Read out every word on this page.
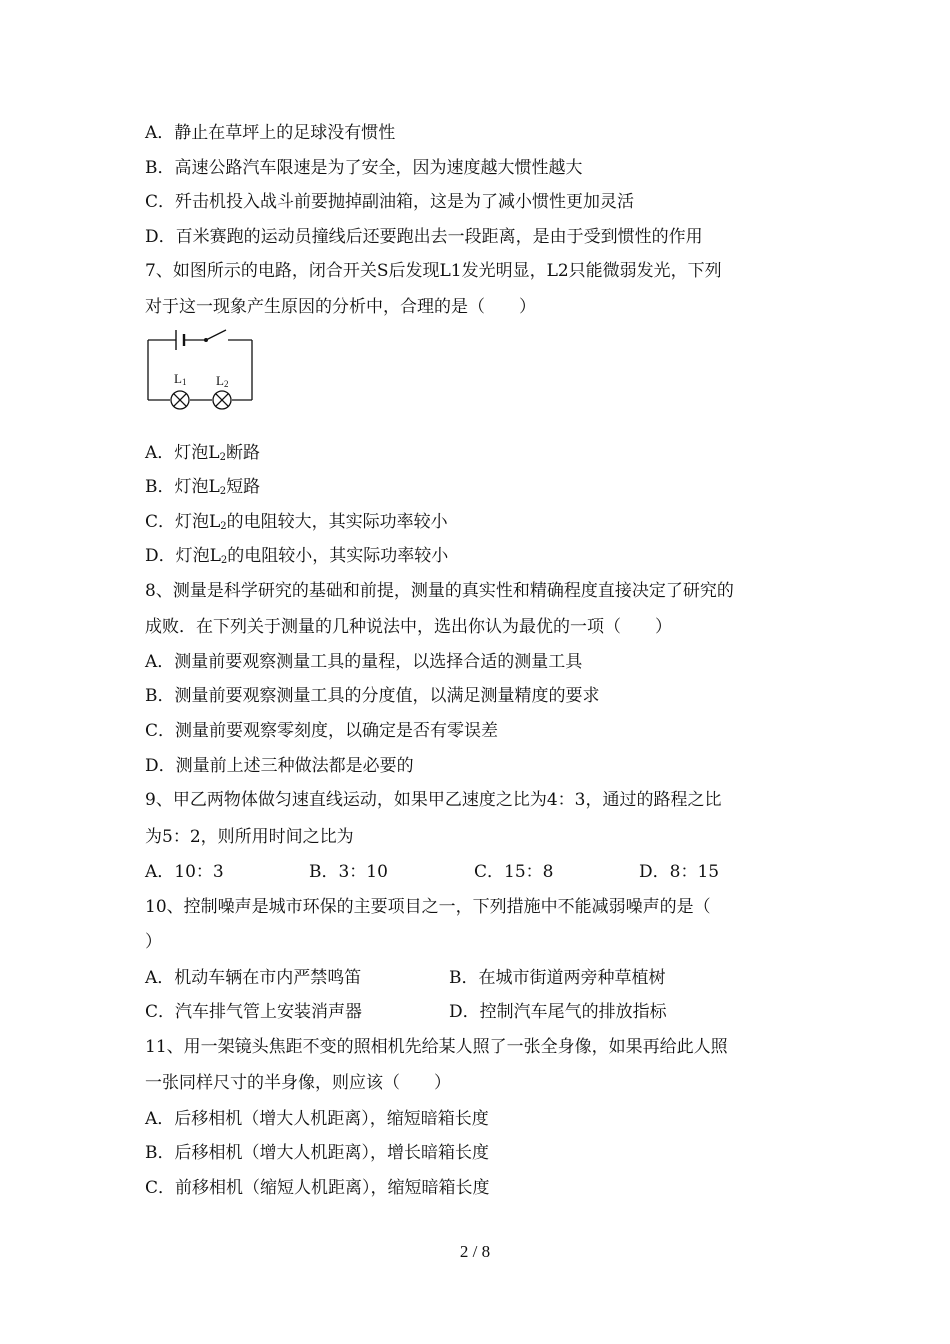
A．静止在草坪上的足球没有惯性
B．高速公路汽车限速是为了安全，因为速度越大惯性越大
C．歼击机投入战斗前要抛掉副油箱，这是为了减小惯性更加灵活
D．百米赛跑的运动员撞线后还要跑出去一段距离，是由于受到惯性的作用
7、如图所示的电路，闭合开关S后发现L1发光明显，L2只能微弱发光，下列
对于这一现象产生原因的分析中，合理的是（　　）
L1 L2
A．灯泡$L_2$断路
B．灯泡$L_2$短路
C．灯泡$L_2$的电阻较大，其实际功率较小
D．灯泡$L_2$的电阻较小，其实际功率较小
8、测量是科学研究的基础和前提，测量的真实性和精确程度直接决定了研究的
成败．在下列关于测量的几种说法中，选出你认为最优的一项（　　）
A．测量前要观察测量工具的量程，以选择合适的测量工具
B．测量前要观察测量工具的分度值，以满足测量精度的要求
C．测量前要观察零刻度，以确定是否有零误差
D．测量前上述三种做法都是必要的
9、甲乙两物体做匀速直线运动，如果甲乙速度之比为4：3，通过的路程之比
为5：2，则所用时间之比为
A．10：3	B．3：10	C．15：8	D．8：15
10、控制噪声是城市环保的主要项目之一，下列措施中不能减弱噪声的是（
）
A．机动车辆在市内严禁鸣笛	B．在城市街道两旁种草植树
C．汽车排气管上安装消声器	D．控制汽车尾气的排放指标
11、用一架镜头焦距不变的照相机先给某人照了一张全身像，如果再给此人照
一张同样尺寸的半身像，则应该（　　）
A．后移相机（增大人机距离），缩短暗箱长度
B．后移相机（增大人机距离），增长暗箱长度
C．前移相机（缩短人机距离），缩短暗箱长度
2 / 8
